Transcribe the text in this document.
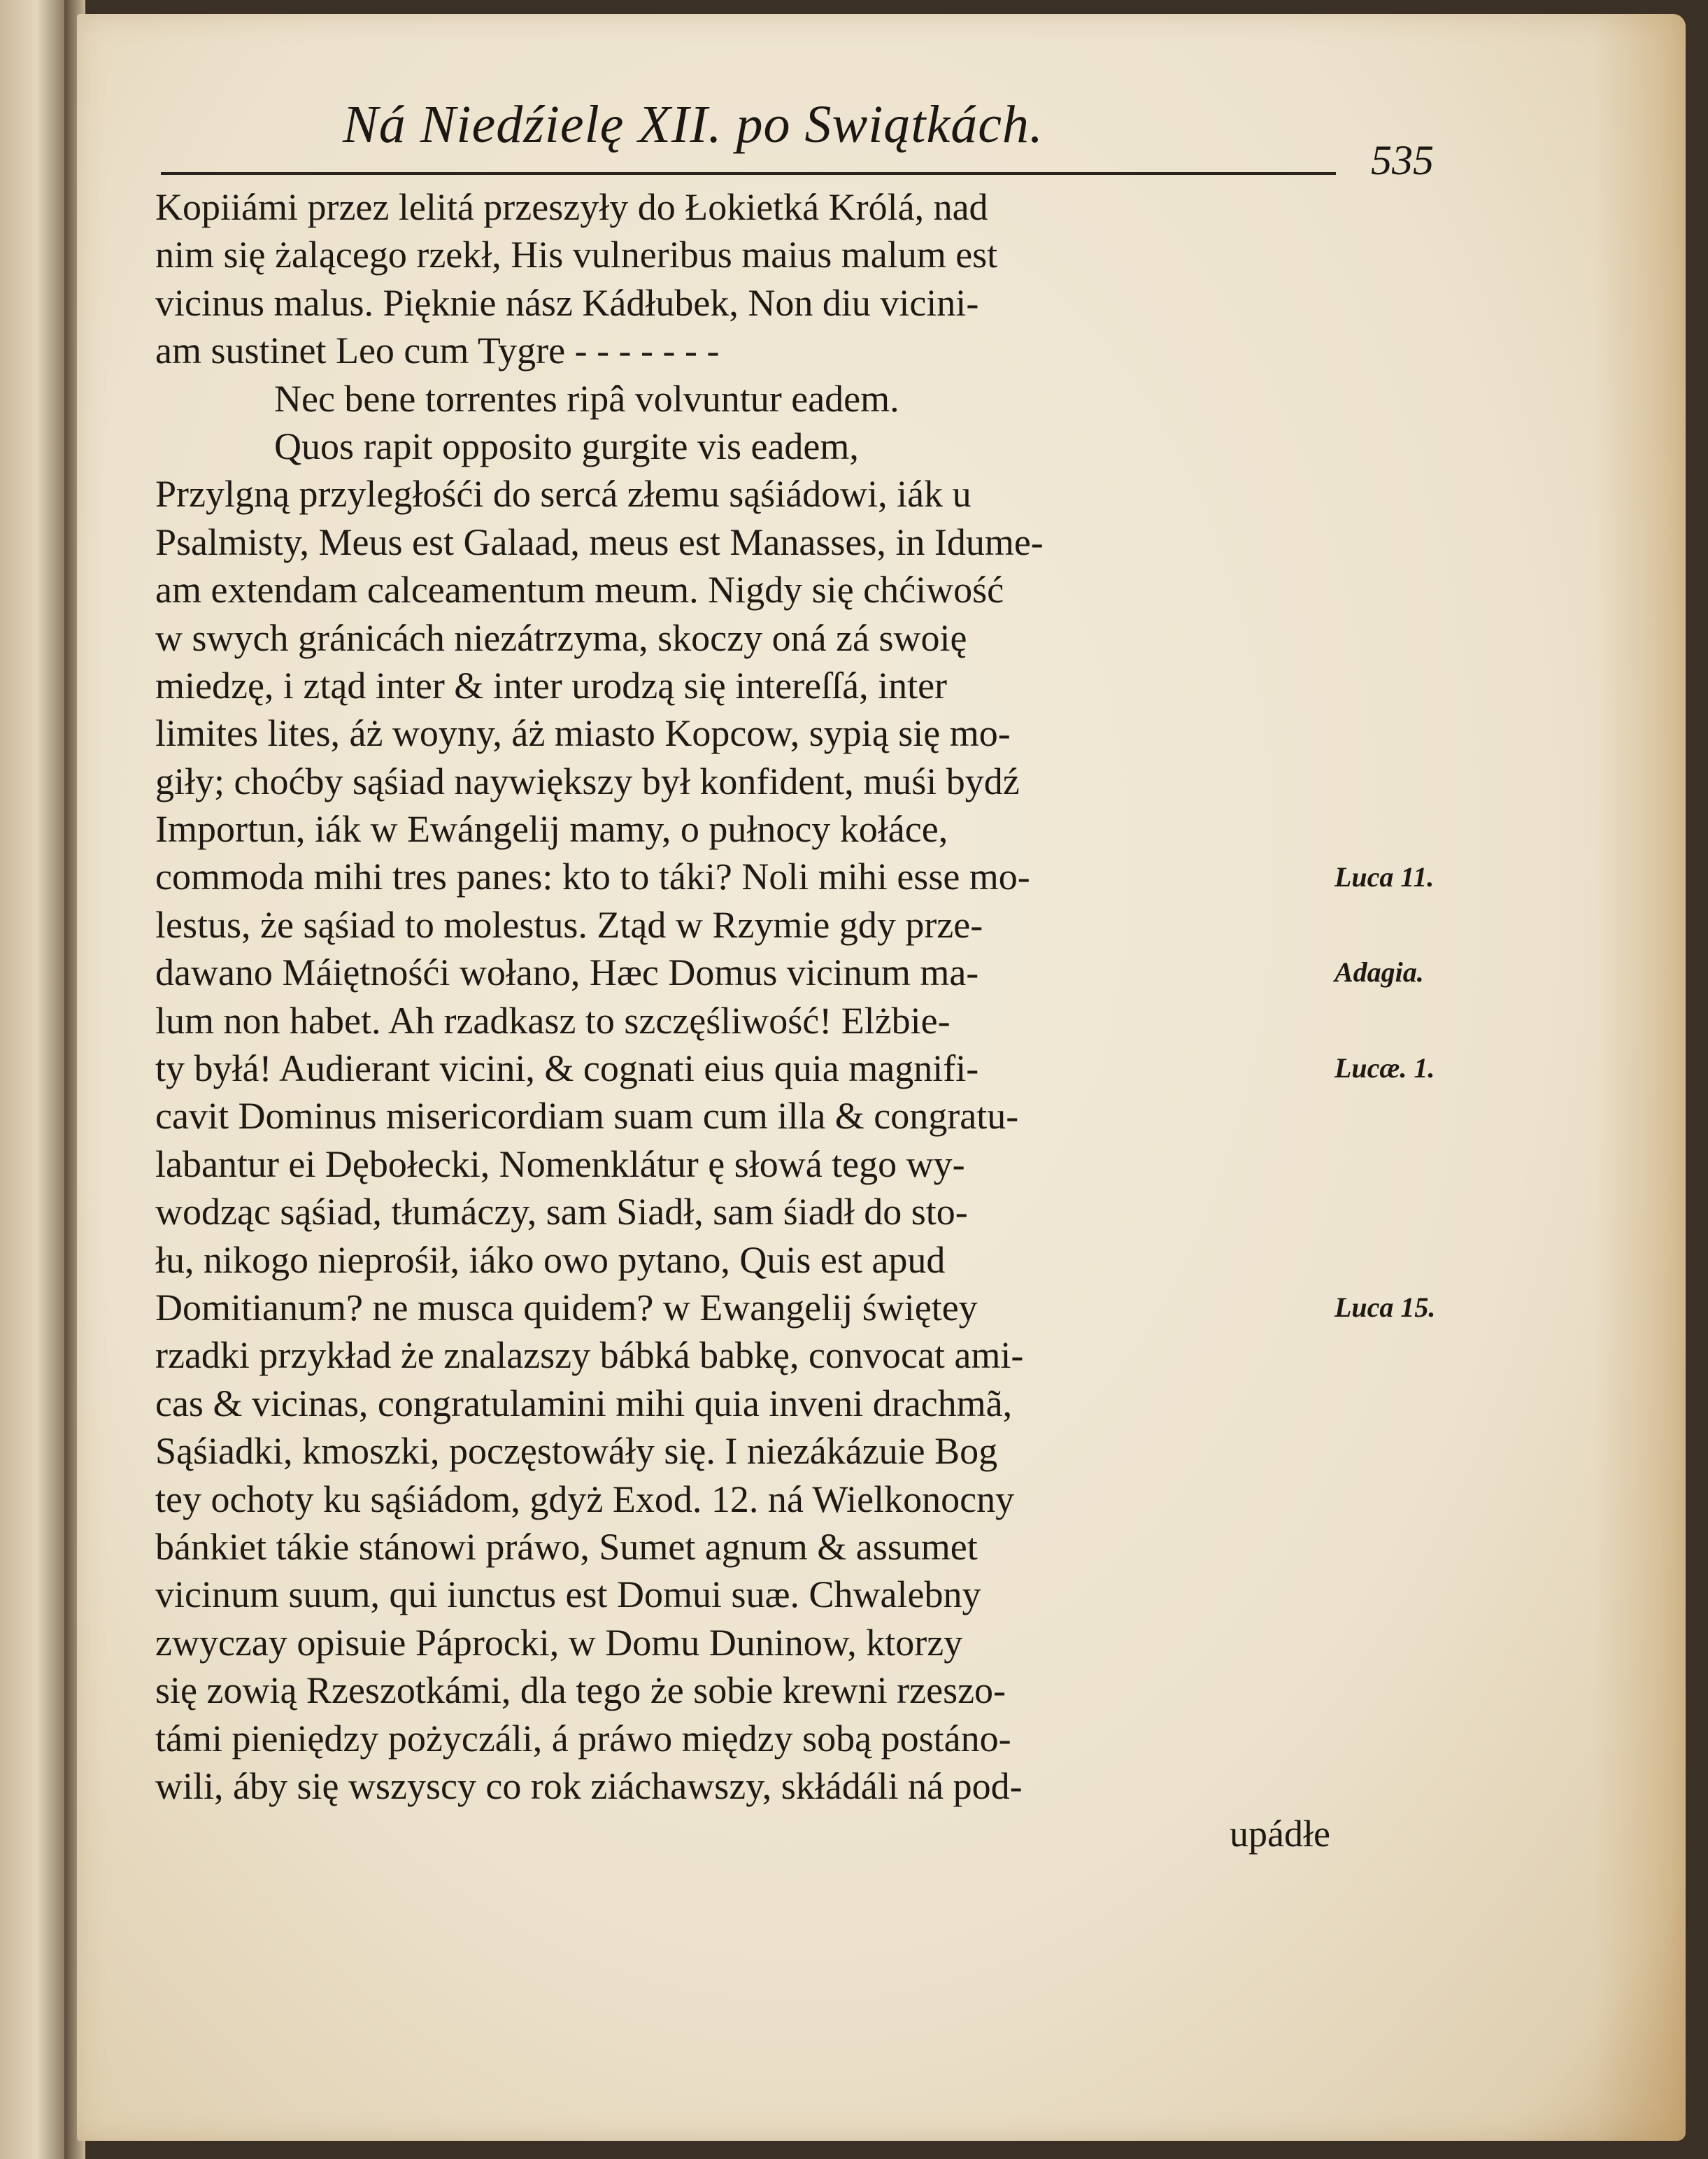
Ná Niedźielę XII. po Swiątkách.
535
Kopiiámi przez lelitá przeszyły do Łokietká Królá, nad
nim się żalącego rzekł, His vulneribus maius malum est
vicinus malus. Pięknie nász Kádłubek, Non diu vicini-
am sustinet Leo cum Tygre - - - - - - -
Nec bene torrentes ripâ volvuntur eadem.
Quos rapit opposito gurgite vis eadem,
Przylgną przyległośći do sercá złemu sąśiádowi, iák u
Psalmisty, Meus est Galaad, meus est Manasses, in Idume-
am extendam calceamentum meum. Nigdy się chćiwość
w swych gránicách niezátrzyma, skoczy oná zá swoię
miedzę, i ztąd inter & inter urodzą się intereſſá, inter
limites lites, áż woyny, áż miasto Kopcow, sypią się mo-
giły; choćby sąśiad naywiększy był konfident, muśi bydź
Importun, iák w Ewángelij mamy, o pułnocy kołáce,
commoda mihi tres panes: kto to táki? Noli mihi esse mo-
lestus, że sąśiad to molestus. Ztąd w Rzymie gdy prze-
dawano Máiętnośći wołano, Hæc Domus vicinum ma-
lum non habet. Ah rzadkasz to szczęśliwość! Elżbie-
ty byłá! Audierant vicini, & cognati eius quia magnifi-
cavit Dominus misericordiam suam cum illa & congratu-
labantur ei Dębołecki, Nomenklátur ę słowá tego wy-
wodząc sąśiad, tłumáczy, sam Siadł, sam śiadł do sto-
łu, nikogo nieprośił, iáko owo pytano, Quis est apud
Domitianum? ne musca quidem? w Ewangelij świętey
rzadki przykład że znalazszy bábká babkę, convocat ami-
cas & vicinas, congratulamini mihi quia inveni drachmã,
Sąśiadki, kmoszki, poczęstowáły się. I niezákázuie Bog
tey ochoty ku sąśiádom, gdyż Exod. 12. ná Wielkonocny
bánkiet tákie stánowi práwo, Sumet agnum & assumet
vicinum suum, qui iunctus est Domui suæ. Chwalebny
zwyczay opisuie Páprocki, w Domu Duninow, ktorzy
się zowią Rzeszotkámi, dla tego że sobie krewni rzeszo-
támi pieniędzy pożyczáli, á práwo między sobą postáno-
wili, áby się wszyscy co rok ziáchawszy, skłádáli ná pod-
upádłe
Luca 11.
Adagia.
Lucæ. 1.
Luca 15.
